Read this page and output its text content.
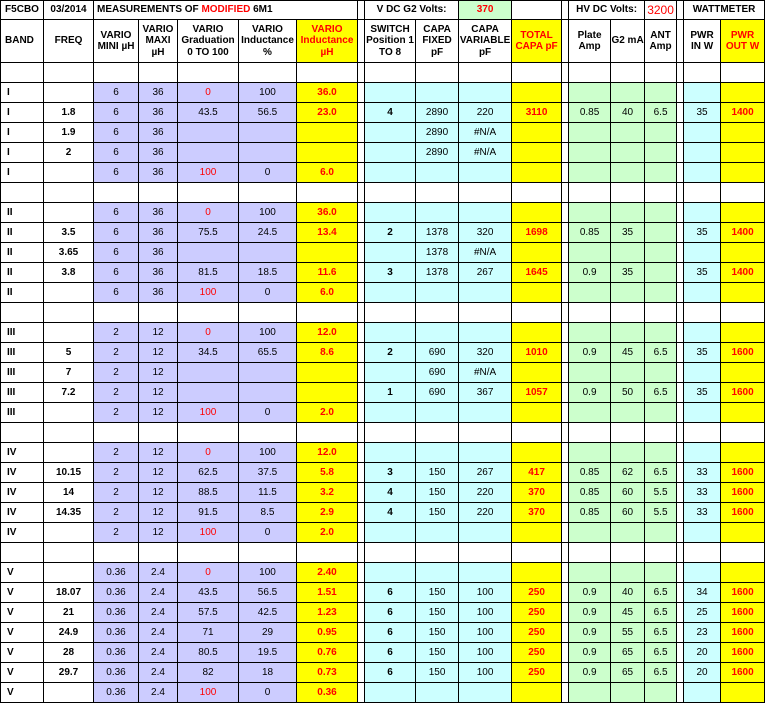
F5CBO	03/2014	MEASUREMENTS OF MODIFIED 6M1						V DC G2 Volts:		370			HV DC Volts:		3200		WATTMETER	
BAND	FREQ	VARIO MINI µH	VARIO MAXI µH	VARIO Graduation 0 TO 100	VARIO Inductance %	VARIO Inductance µH		SWITCH Position 1 TO 8	CAPA FIXED pF	CAPA VARIABLE pF	TOTAL CAPA pF		Plate Amp	G2 mA	ANT Amp		PWR IN W	PWR OUT W

I		6	36	0	100	36.0												
I	1.8	6	36	43.5	56.5	23.0		4	2890	220	3110		0.85	40	6.5		35	1400
I	1.9	6	36						2890	#N/A								
I	2	6	36						2890	#N/A								
I		6	36	100	0	6.0												

II		6	36	0	100	36.0												
II	3.5	6	36	75.5	24.5	13.4		2	1378	320	1698		0.85	35			35	1400
II	3.65	6	36						1378	#N/A								
II	3.8	6	36	81.5	18.5	11.6		3	1378	267	1645		0.9	35			35	1400
II		6	36	100	0	6.0												

III		2	12	0	100	12.0												
III	5	2	12	34.5	65.5	8.6		2	690	320	1010		0.9	45	6.5		35	1600
III	7	2	12						690	#N/A								
III	7.2	2	12					1	690	367	1057		0.9	50	6.5		35	1600
III		2	12	100	0	2.0												

IV		2	12	0	100	12.0												
IV	10.15	2	12	62.5	37.5	5.8		3	150	267	417		0.85	62	6.5		33	1600
IV	14	2	12	88.5	11.5	3.2		4	150	220	370		0.85	60	5.5		33	1600
IV	14.35	2	12	91.5	8.5	2.9		4	150	220	370		0.85	60	5.5		33	1600
IV		2	12	100	0	2.0												

V		0.36	2.4	0	100	2.40												
V	18.07	0.36	2.4	43.5	56.5	1.51		6	150	100	250		0.9	40	6.5		34	1600
V	21	0.36	2.4	57.5	42.5	1.23		6	150	100	250		0.9	45	6.5		25	1600
V	24.9	0.36	2.4	71	29	0.95		6	150	100	250		0.9	55	6.5		23	1600
V	28	0.36	2.4	80.5	19.5	0.76		6	150	100	250		0.9	65	6.5		20	1600
V	29.7	0.36	2.4	82	18	0.73		6	150	100	250		0.9	65	6.5		20	1600
V		0.36	2.4	100	0	0.36												
